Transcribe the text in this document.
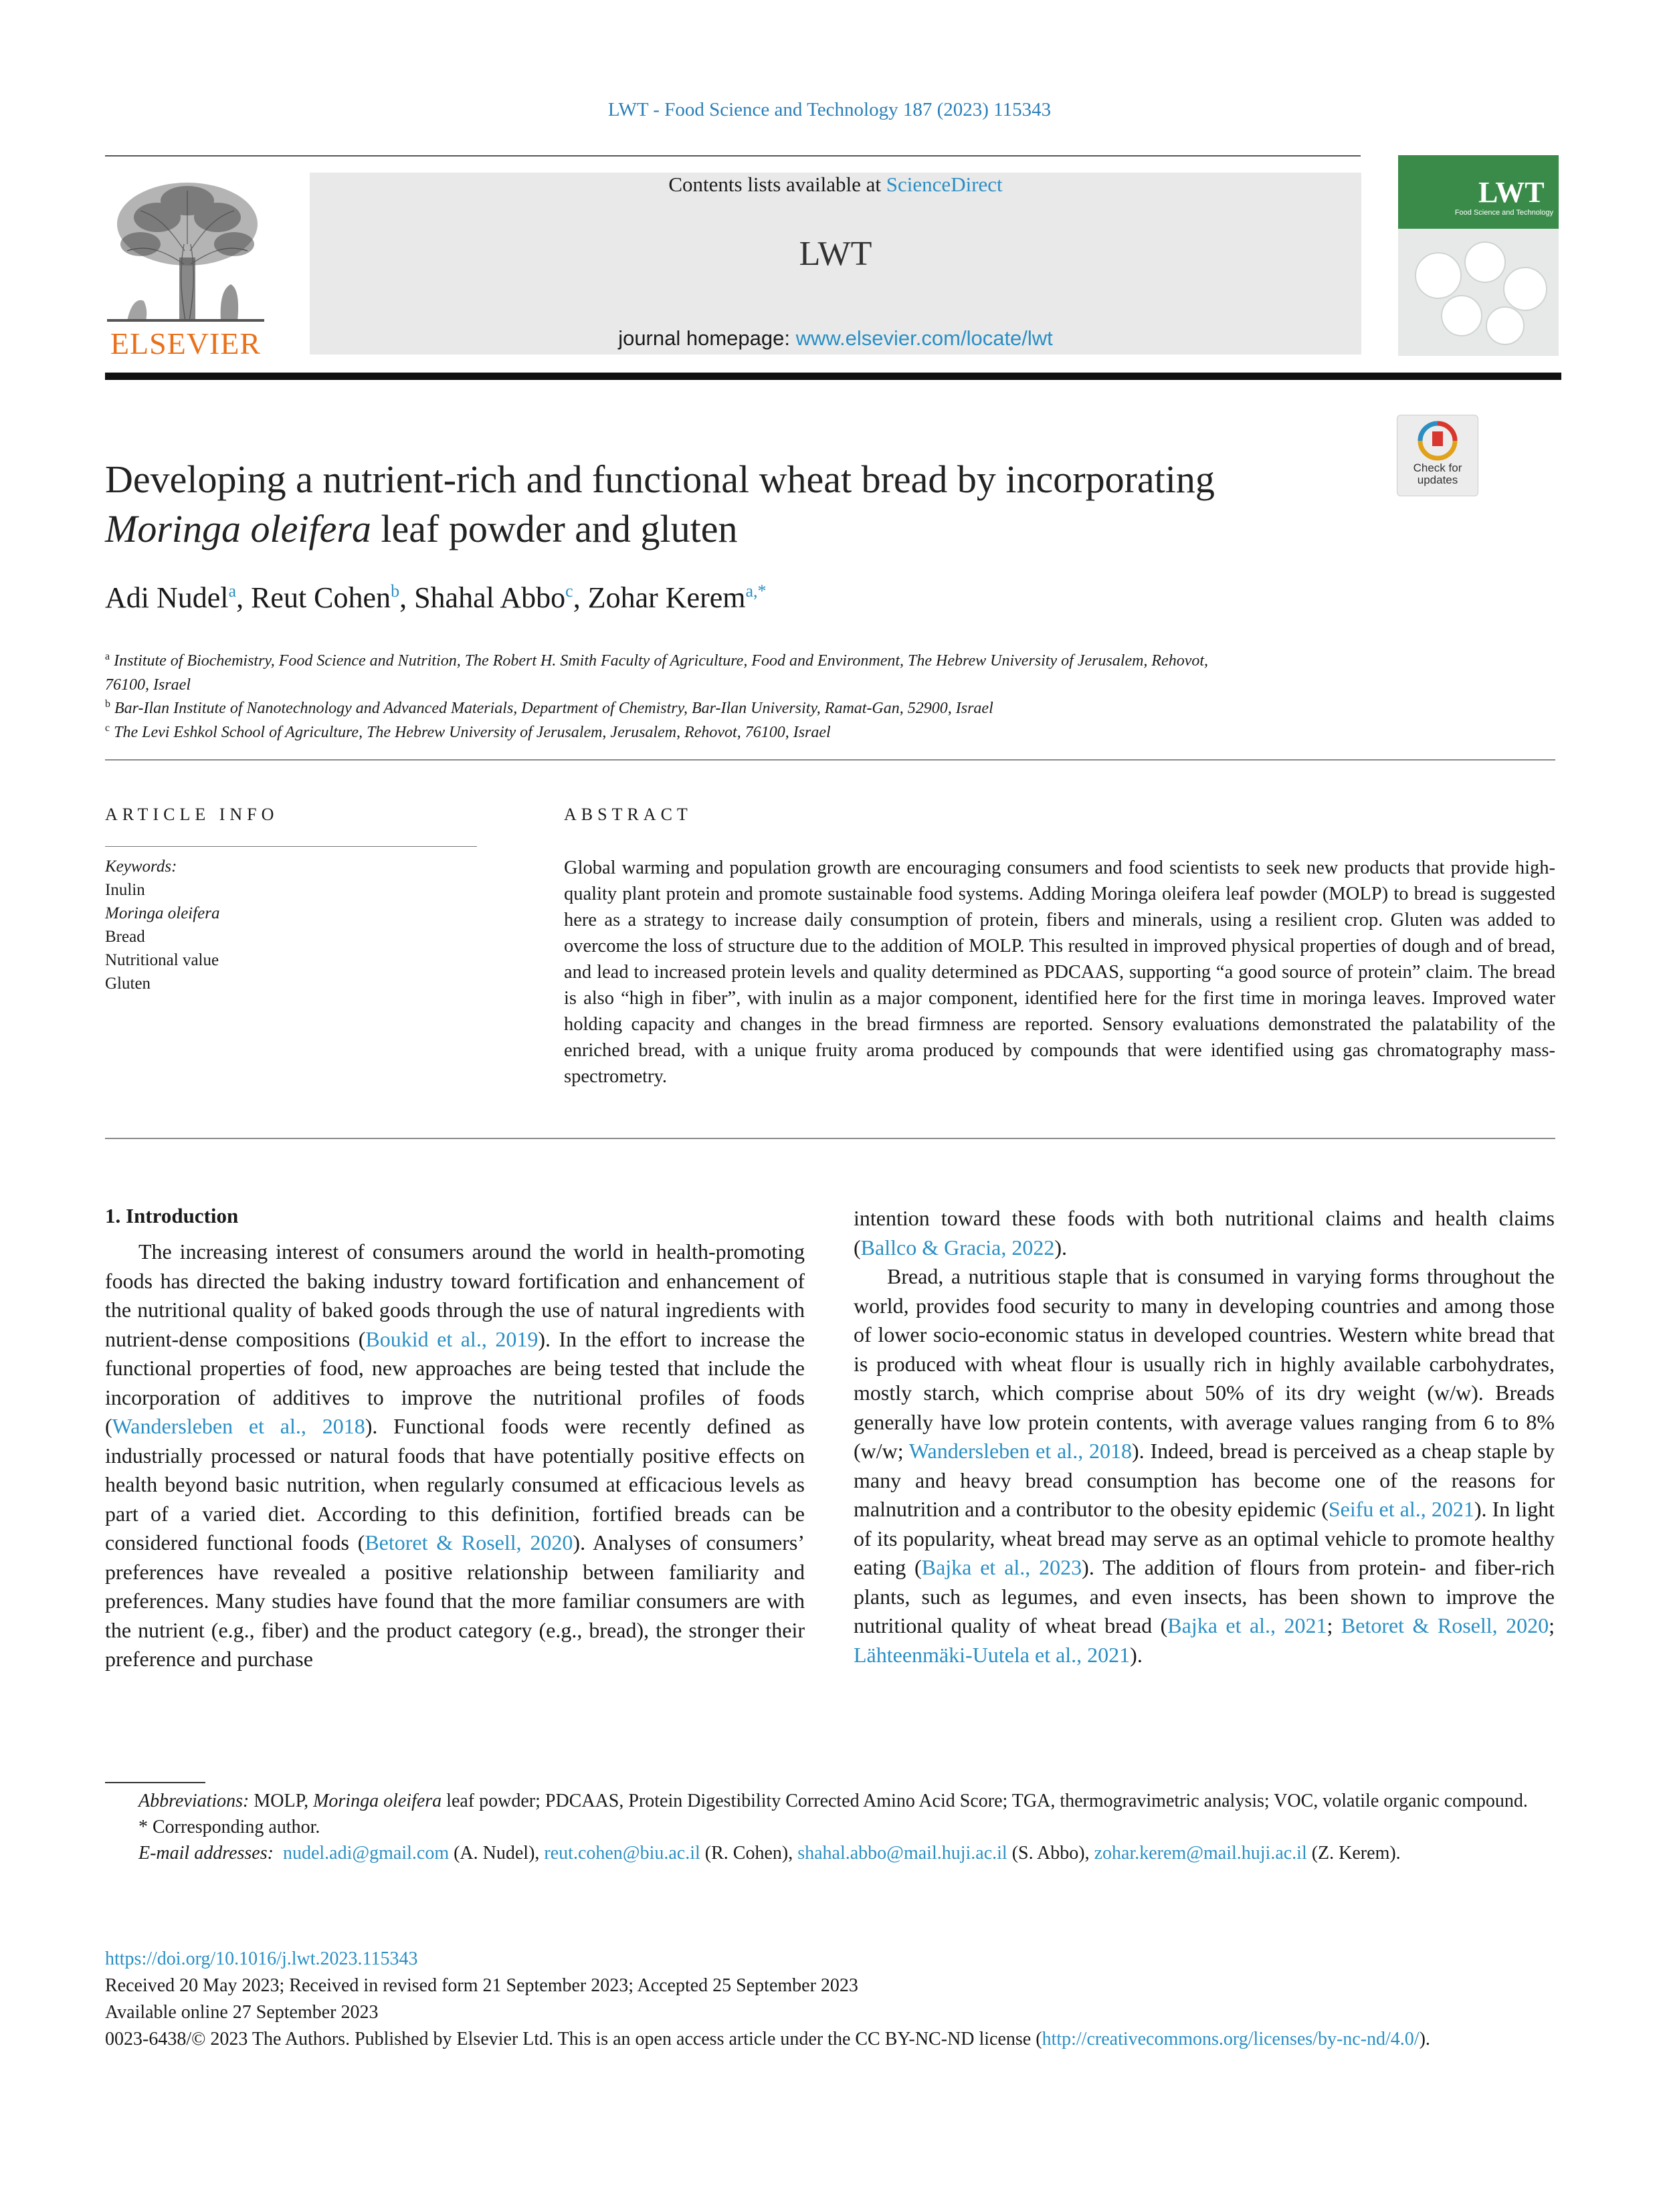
LWT - Food Science and Technology 187 (2023) 115343
ELSEVIER
Contents lists available at ScienceDirect
LWT
journal homepage: www.elsevier.com/locate/lwt
LWT
Food Science and Technology
Developing a nutrient-rich and functional wheat bread by incorporating
Moringa oleifera leaf powder and gluten
Check for updates
Adi Nudel$^a$, Reut Cohen$^b$, Shahal Abbo$^c$, Zohar Kerem$^{a,*}$
$^a$ Institute of Biochemistry, Food Science and Nutrition, The Robert H. Smith Faculty of Agriculture, Food and Environment, The Hebrew University of Jerusalem, Rehovot,
76100, Israel
$^b$ Bar-Ilan Institute of Nanotechnology and Advanced Materials, Department of Chemistry, Bar-Ilan University, Ramat-Gan, 52900, Israel
$^c$ The Levi Eshkol School of Agriculture, The Hebrew University of Jerusalem, Jerusalem, Rehovot, 76100, Israel
ARTICLE INFO	ABSTRACT
Keywords:
Inulin
Moringa oleifera
Bread
Nutritional value
Gluten
Global warming and population growth are encouraging consumers and food scientists to seek new products that provide high-quality plant protein and promote sustainable food systems. Adding Moringa oleifera leaf powder (MOLP) to bread is suggested here as a strategy to increase daily consumption of protein, fibers and minerals, using a resilient crop. Gluten was added to overcome the loss of structure due to the addition of MOLP. This resulted in improved physical properties of dough and of bread, and lead to increased protein levels and quality determined as PDCAAS, supporting “a good source of protein” claim. The bread is also “high in fiber”, with inulin as a major component, identified here for the first time in moringa leaves. Improved water holding capacity and changes in the bread firmness are reported. Sensory evaluations demonstrated the palatability of the enriched bread, with a unique fruity aroma produced by compounds that were identified using gas chromatography mass-spectrometry.
1. Introduction

The increasing interest of consumers around the world in health-promoting foods has directed the baking industry toward fortification and enhancement of the nutritional quality of baked goods through the use of natural ingredients with nutrient-dense compositions (Boukid et al., 2019). In the effort to increase the functional properties of food, new approaches are being tested that include the incorporation of additives to improve the nutritional profiles of foods (Wandersleben et al., 2018). Functional foods were recently defined as industrially processed or natural foods that have potentially positive effects on health beyond basic nutrition, when regularly consumed at efficacious levels as part of a varied diet. According to this definition, fortified breads can be considered functional foods (Betoret & Rosell, 2020). Analyses of consumers’ preferences have revealed a positive relationship between familiarity and preferences. Many studies have found that the more familiar consumers are with the nutrient (e.g., fiber) and the product category (e.g., bread), the stronger their preference and purchase

intention toward these foods with both nutritional claims and health claims (Ballco & Gracia, 2022).

Bread, a nutritious staple that is consumed in varying forms throughout the world, provides food security to many in developing countries and among those of lower socio-economic status in developed countries. Western white bread that is produced with wheat flour is usually rich in highly available carbohydrates, mostly starch, which comprise about 50% of its dry weight (w/w). Breads generally have low protein contents, with average values ranging from 6 to 8% (w/w; Wandersleben et al., 2018). Indeed, bread is perceived as a cheap staple by many and heavy bread consumption has become one of the reasons for malnutrition and a contributor to the obesity epidemic (Seifu et al., 2021). In light of its popularity, wheat bread may serve as an optimal vehicle to promote healthy eating (Bajka et al., 2023). The addition of flours from protein- and fiber-rich plants, such as legumes, and even insects, has been shown to improve the nutritional quality of wheat bread (Bajka et al., 2021; Betoret & Rosell, 2020; Lähteenmäki-Uutela et al., 2021).

Abbreviations: MOLP, Moringa oleifera leaf powder; PDCAAS, Protein Digestibility Corrected Amino Acid Score; TGA, thermogravimetric analysis; VOC, volatile organic compound.

* Corresponding author.

E-mail addresses: nudel.adi@gmail.com (A. Nudel), reut.cohen@biu.ac.il (R. Cohen), shahal.abbo@mail.huji.ac.il (S. Abbo), zohar.kerem@mail.huji.ac.il (Z. Kerem).

https://doi.org/10.1016/j.lwt.2023.115343

Received 20 May 2023; Received in revised form 21 September 2023; Accepted 25 September 2023

Available online 27 September 2023

0023-6438/© 2023 The Authors. Published by Elsevier Ltd. This is an open access article under the CC BY-NC-ND license (http://creativecommons.org/licenses/by-nc-nd/4.0/).
